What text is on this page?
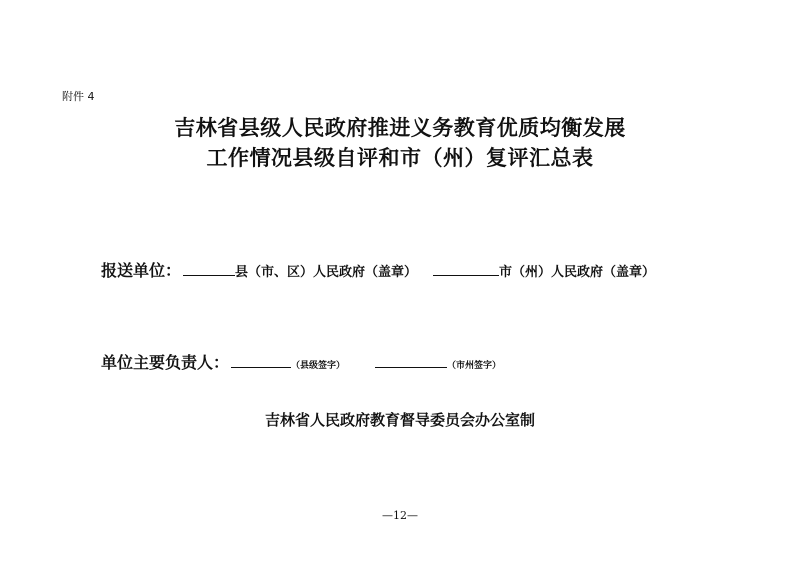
附件 4
吉林省县级人民政府推进义务教育优质均衡发展
工作情况县级自评和市（州）复评汇总表
报送单位：	县（市、区）人民政府（盖章）	市（州）人民政府（盖章）
单位主要负责人：	（县级签字）	（市州签字）
吉林省人民政府教育督导委员会办公室制
—12—
